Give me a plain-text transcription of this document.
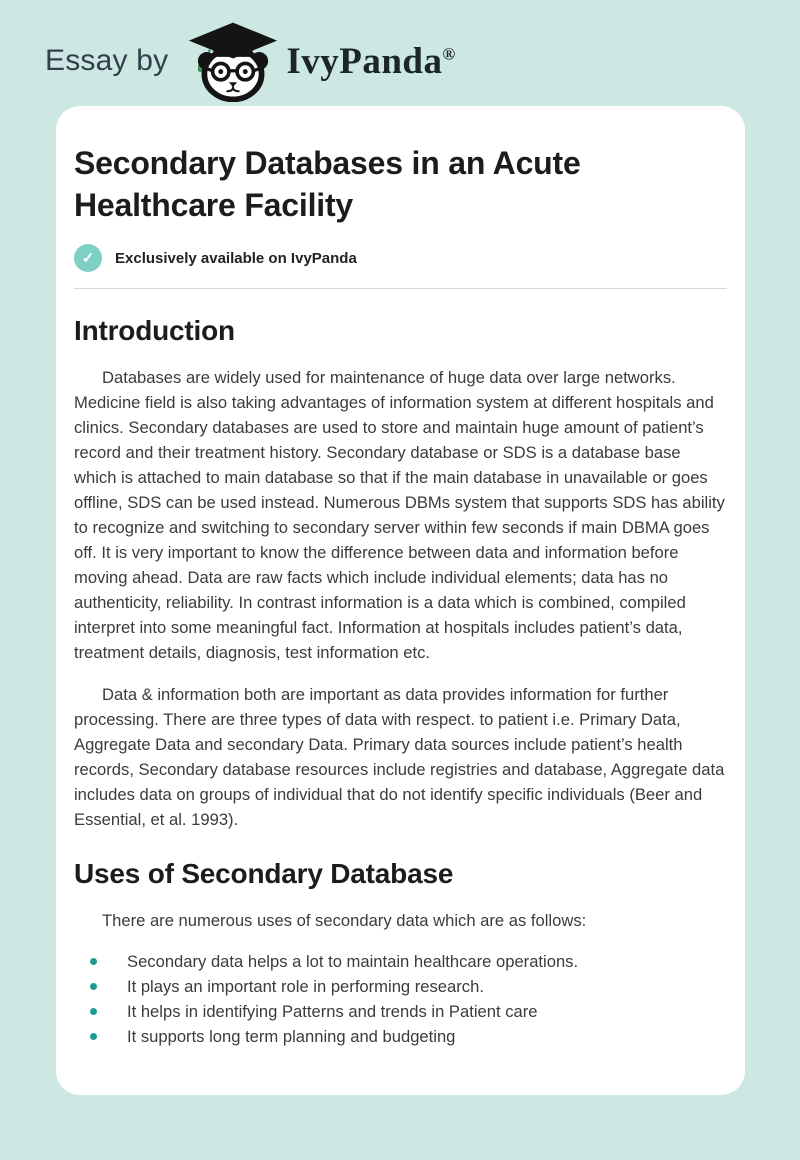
Essay by	IvyPanda®
Secondary Databases in an Acute Healthcare Facility
✓	Exclusively available on IvyPanda
Introduction

Databases are widely used for maintenance of huge data over large networks. Medicine field is also taking advantages of information system at different hospitals and clinics. Secondary databases are used to store and maintain huge amount of patient’s record and their treatment history. Secondary database or SDS is a database base which is attached to main database so that if the main database in unavailable or goes offline, SDS can be used instead. Numerous DBMs system that supports SDS has ability to recognize and switching to secondary server within few seconds if main DBMA goes off. It is very important to know the difference between data and information before moving ahead. Data are raw facts which include individual elements; data has no authenticity, reliability. In contrast information is a data which is combined, compiled interpret into some meaningful fact. Information at hospitals includes patient’s data, treatment details, diagnosis, test information etc.

Data & information both are important as data provides information for further processing. There are three types of data with respect. to patient i.e. Primary Data, Aggregate Data and secondary Data. Primary data sources include patient’s health records, Secondary database resources include registries and database, Aggregate data includes data on groups of individual that do not identify specific individuals (Beer and Essential, et al. 1993).

Uses of Secondary Database

There are numerous uses of secondary data which are as follows:

Secondary data helps a lot to maintain healthcare operations.
It plays an important role in performing research.
It helps in identifying Patterns and trends in Patient care
It supports long term planning and budgeting
